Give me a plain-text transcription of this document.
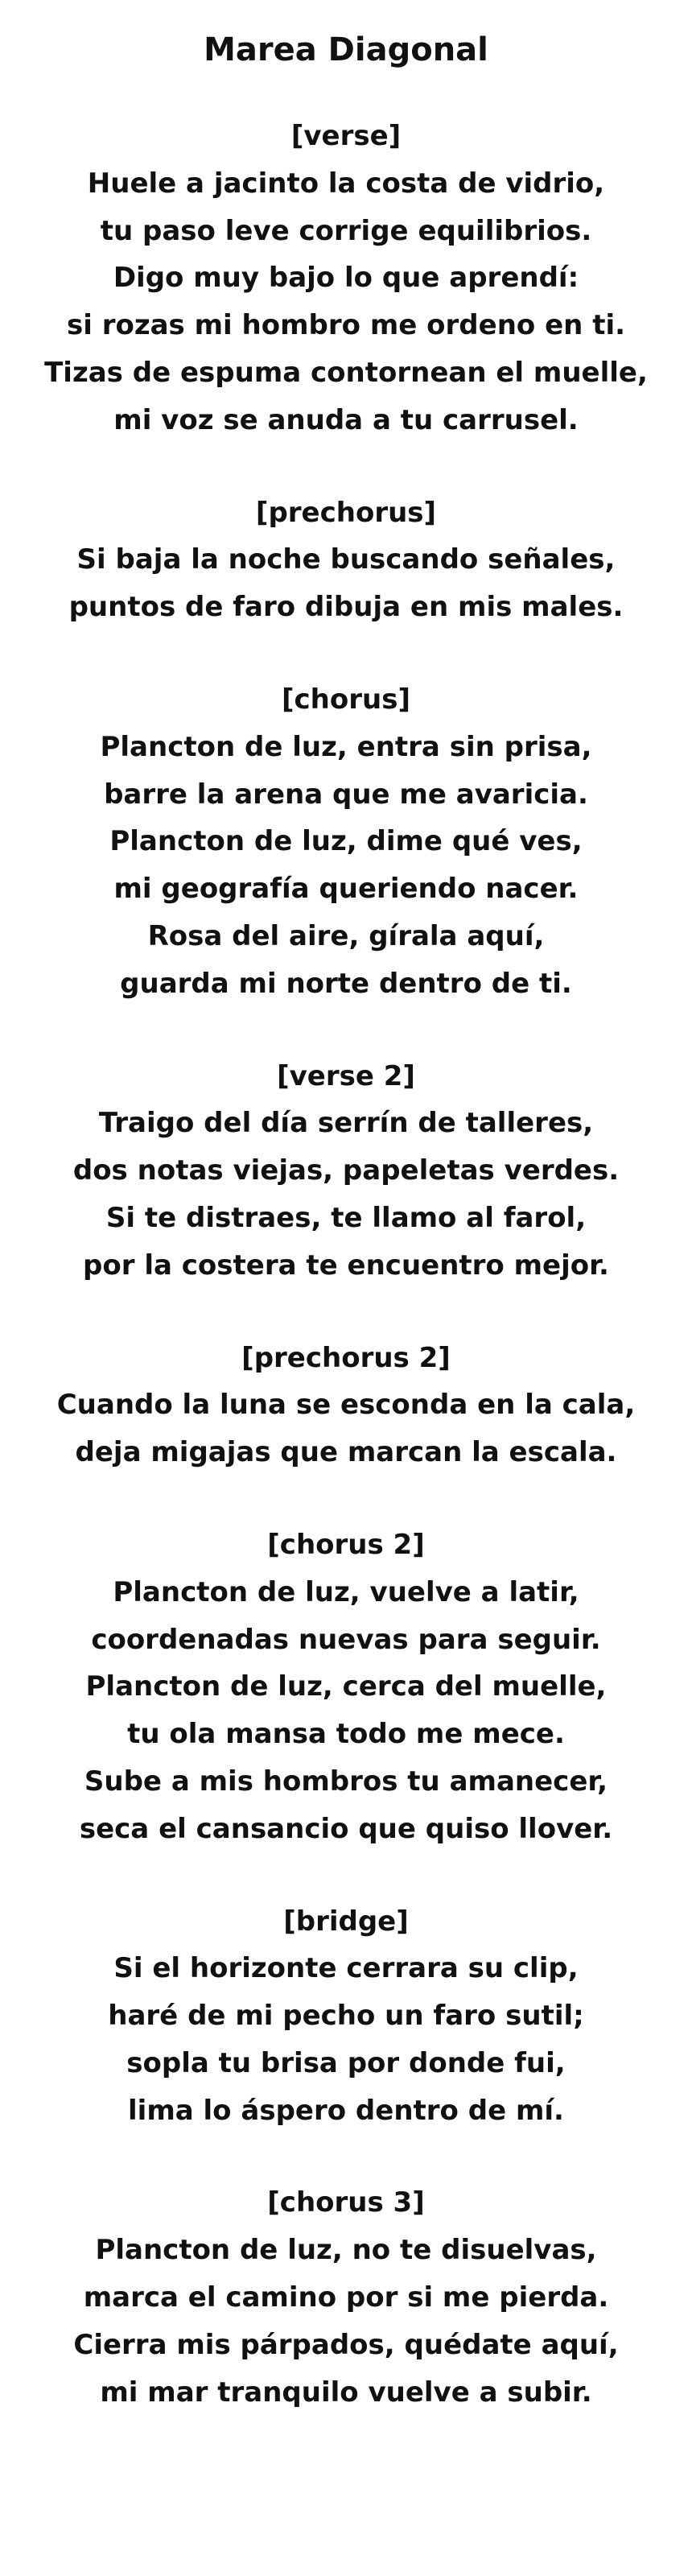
Marea Diagonal

[verse]

Huele a jacinto la costa de vidrio,

tu paso leve corrige equilibrios.

Digo muy bajo lo que aprendí:

si rozas mi hombro me ordeno en ti.

Tizas de espuma contornean el muelle,

mi voz se anuda a tu carrusel.

[prechorus]

Si baja la noche buscando señales,

puntos de faro dibuja en mis males.

[chorus]

Plancton de luz, entra sin prisa,

barre la arena que me avaricia.

Plancton de luz, dime qué ves,

mi geografía queriendo nacer.

Rosa del aire, gírala aquí,

guarda mi norte dentro de ti.

[verse 2]

Traigo del día serrín de talleres,

dos notas viejas, papeletas verdes.

Si te distraes, te llamo al farol,

por la costera te encuentro mejor.

[prechorus 2]

Cuando la luna se esconda en la cala,

deja migajas que marcan la escala.

[chorus 2]

Plancton de luz, vuelve a latir,

coordenadas nuevas para seguir.

Plancton de luz, cerca del muelle,

tu ola mansa todo me mece.

Sube a mis hombros tu amanecer,

seca el cansancio que quiso llover.

[bridge]

Si el horizonte cerrara su clip,

haré de mi pecho un faro sutil;

sopla tu brisa por donde fui,

lima lo áspero dentro de mí.

[chorus 3]

Plancton de luz, no te disuelvas,

marca el camino por si me pierda.

Cierra mis párpados, quédate aquí,

mi mar tranquilo vuelve a subir.
